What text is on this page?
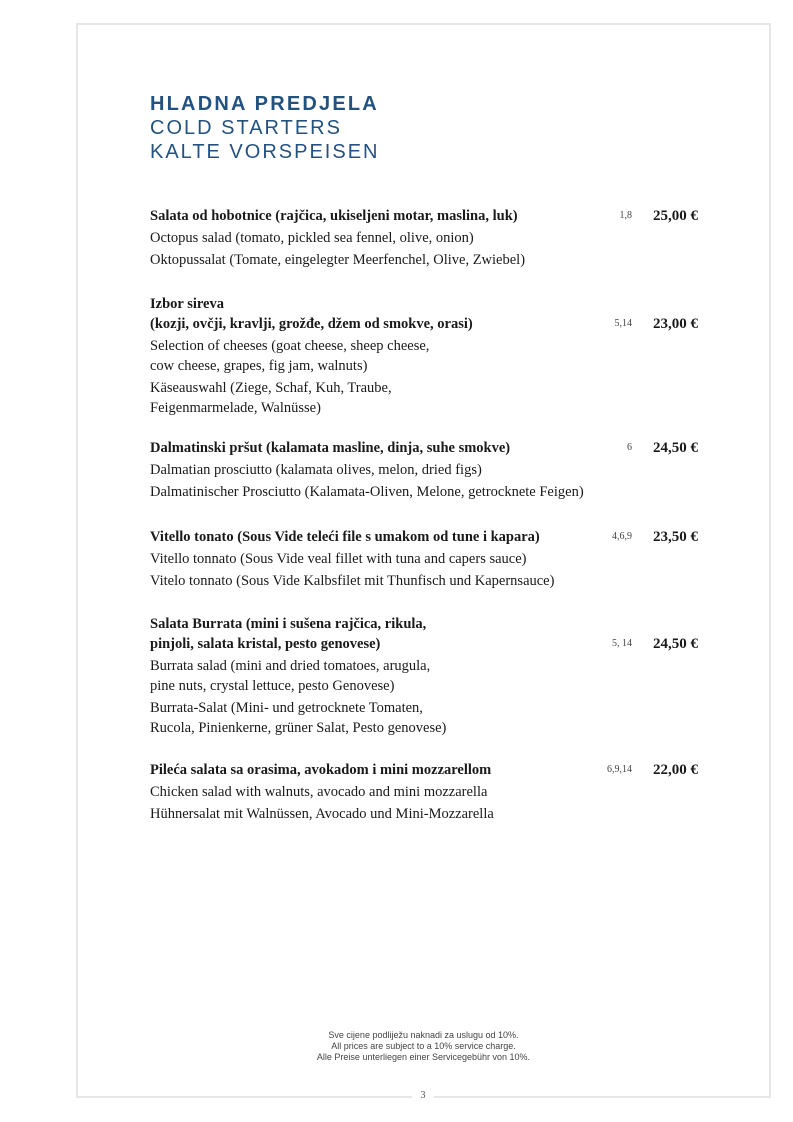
3
HLADNA PREDJELA
COLD STARTERS
KALTE VORSPEISEN
1,8 25,00 €
Salata od hobotnice (rajčica, ukiseljeni motar, maslina, luk)
Octopus salad (tomato, pickled sea fennel, olive, onion)
Oktopussalat (Tomate, eingelegter Meerfenchel, Olive, Zwiebel)
5,14 23,00 €
Izbor sireva
(kozji, ovčji, kravlji, grožđe, džem od smokve, orasi)
Selection of cheeses (goat cheese, sheep cheese,
cow cheese, grapes, fig jam, walnuts)
Käseauswahl (Ziege, Schaf, Kuh, Traube,
Feigenmarmelade, Walnüsse)
6 24,50 €
Dalmatinski pršut (kalamata masline, dinja, suhe smokve)
Dalmatian prosciutto (kalamata olives, melon, dried figs)
Dalmatinischer Prosciutto (Kalamata-Oliven, Melone, getrocknete Feigen)
4,6,9 23,50 €
Vitello tonato (Sous Vide teleći file s umakom od tune i kapara)
Vitello tonnato (Sous Vide veal fillet with tuna and capers sauce)
Vitelo tonnato (Sous Vide Kalbsfilet mit Thunfisch und Kapernsauce)
5, 14 24,50 €
Salata Burrata (mini i sušena rajčica, rikula,
pinjoli, salata kristal, pesto genovese)
Burrata salad (mini and dried tomatoes, arugula,
pine nuts, crystal lettuce, pesto Genovese)
Burrata-Salat (Mini- und getrocknete Tomaten,
Rucola, Pinienkerne, grüner Salat, Pesto genovese)
6,9,14 22,00 €
Pileća salata sa orasima, avokadom i mini mozzarellom
Chicken salad with walnuts, avocado and mini mozzarella
Hühnersalat mit Walnüssen, Avocado und Mini-Mozzarella
Sve cijene podliježu naknadi za uslugu od 10%.
All prices are subject to a 10% service charge.
Alle Preise unterliegen einer Servicegebühr von 10%.
